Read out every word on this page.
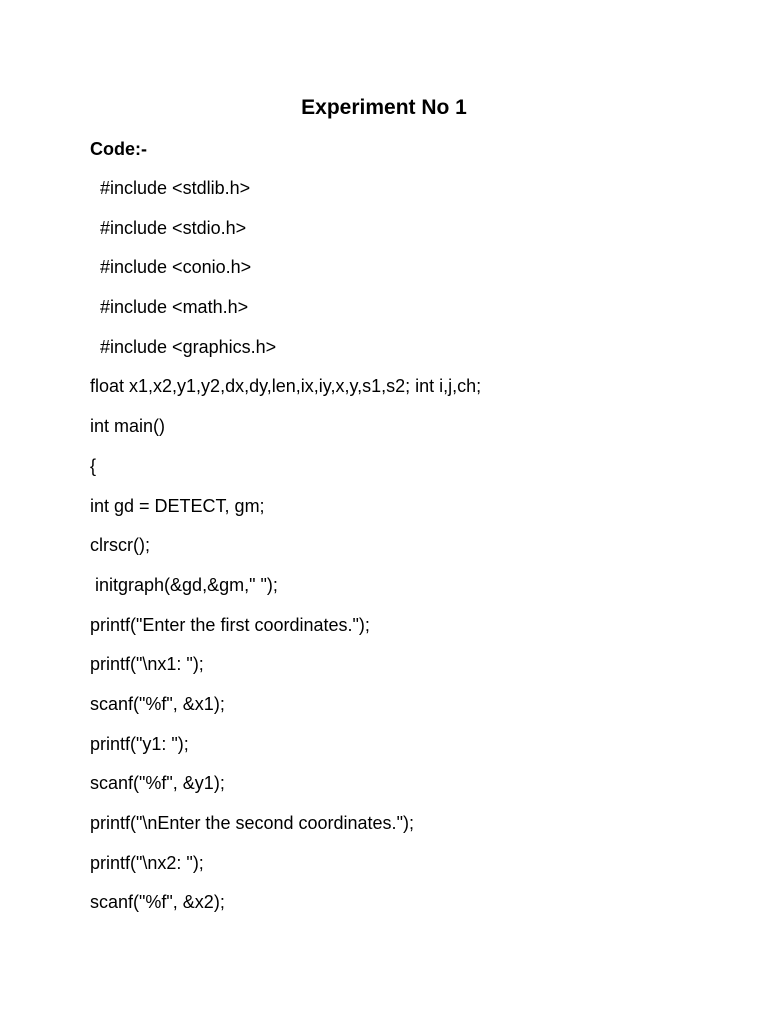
Experiment No 1
Code:-
#include <stdlib.h>
#include <stdio.h>
#include <conio.h>
#include <math.h>
#include <graphics.h>
float x1,x2,y1,y2,dx,dy,len,ix,iy,x,y,s1,s2; int i,j,ch;
int main()
{
int gd = DETECT, gm;
clrscr();
initgraph(&gd,&gm," ");
printf("Enter the first coordinates.");
printf("\nx1: ");
scanf("%f", &x1);
printf("y1: ");
scanf("%f", &y1);
printf("\nEnter the second coordinates.");
printf("\nx2: ");
scanf("%f", &x2);
